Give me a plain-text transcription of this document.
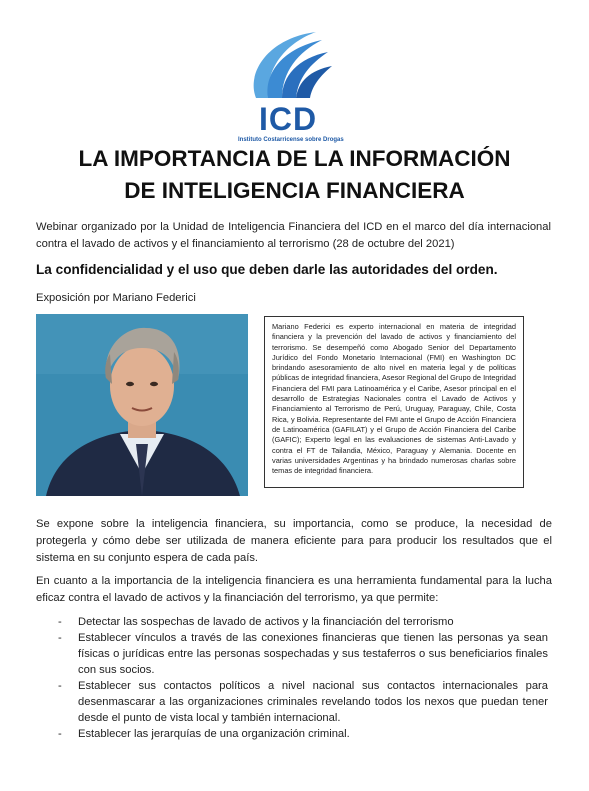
ICD
Instituto Costarricense sobre Drogas
LA IMPORTANCIA DE LA INFORMACIÓN
DE INTELIGENCIA FINANCIERA
Webinar organizado por la Unidad de Inteligencia Financiera del ICD en el marco del día internacional contra el lavado de activos y el financiamiento al terrorismo (28 de octubre del 2021)
La confidencialidad y el uso que deben darle las autoridades del orden.
Exposición por Mariano Federici
Mariano Federici es experto internacional en materia de integridad financiera y la prevención del lavado de activos y financiamiento del terrorismo. Se desempeñó como Abogado Senior del Departamento Jurídico del Fondo Monetario Internacional (FMI) en Washington DC brindando asesoramiento de alto nivel en materia legal y de políticas públicas de integridad financiera, Asesor Regional del Grupo de Integridad Financiera del FMI para Latinoamérica y el Caribe, Asesor principal en el desarrollo de Estrategias Nacionales contra el Lavado de Activos y Financiamiento al Terrorismo de Perú, Uruguay, Paraguay, Chile, Costa Rica, y Bolivia. Representante del FMI ante el Grupo de Acción Financiera de Latinoamérica (GAFILAT) y el Grupo de Acción Financiera del Caribe (GAFIC); Experto legal en las evaluaciones de sistemas Anti-Lavado y contra el FT de Tailandia, México, Paraguay y Alemania. Docente en varias universidades Argentinas y ha brindado numerosas charlas sobre temas de integridad financiera.
Se expone sobre la inteligencia financiera, su importancia, como se produce, la necesidad de protegerla y cómo debe ser utilizada de manera eficiente para para producir los resultados que el sistema en su conjunto espera de cada país.
En cuanto a la importancia de la inteligencia financiera es una herramienta fundamental para la lucha eficaz contra el lavado de activos y la financiación del terrorismo, ya que permite:
- Detectar las sospechas de lavado de activos y la financiación del terrorismo
- Establecer vínculos a través de las conexiones financieras que tienen las personas ya sean físicas o jurídicas entre las personas sospechadas y sus testaferros o sus beneficiarios finales con sus socios.
- Establecer sus contactos políticos a nivel nacional sus contactos internacionales para desenmascarar a las organizaciones criminales revelando todos los nexos que puedan tener desde el punto de vista local y también internacional.
- Establecer las jerarquías de una organización criminal.
